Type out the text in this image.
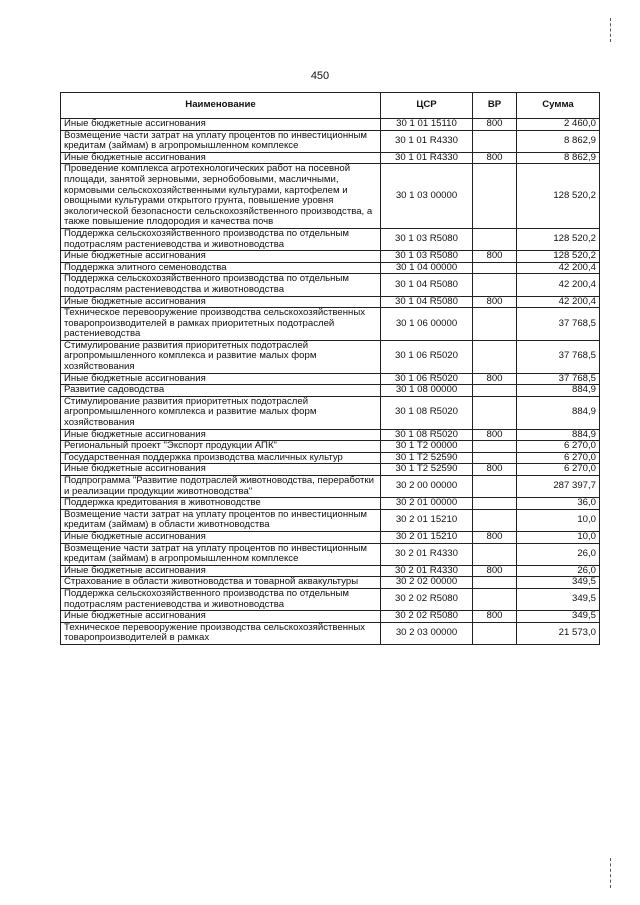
450
Наименование	ЦСР	ВР	Сумма
Иные бюджетные ассигнования	30 1 01 15110	800	2 460,0
Возмещение части затрат на уплату процентов по инвестиционным кредитам (займам) в агропромышленном комплексе	30 1 01 R4330		8 862,9
Иные бюджетные ассигнования	30 1 01 R4330	800	8 862,9
Проведение комплекса агротехнологических работ на посевной площади, занятой зерновыми, зернобобовыми, масличными, кормовыми сельскохозяйственными культурами, картофелем и овощными культурами открытого грунта, повышение уровня экологической безопасности сельскохозяйственного производства, а также повышение плодородия и качества почв	30 1 03 00000		128 520,2
Поддержка сельскохозяйственного производства по отдельным подотраслям растениеводства и животноводства	30 1 03 R5080		128 520,2
Иные бюджетные ассигнования	30 1 03 R5080	800	128 520,2
Поддержка элитного семеноводства	30 1 04 00000		42 200,4
Поддержка сельскохозяйственного производства по отдельным подотраслям растениеводства и животноводства	30 1 04 R5080		42 200,4
Иные бюджетные ассигнования	30 1 04 R5080	800	42 200,4
Техническое перевооружение производства сельскохозяйственных товаропроизводителей в рамках приоритетных подотраслей растениеводства	30 1 06 00000		37 768,5
Стимулирование развития приоритетных подотраслей агропромышленного комплекса и развитие малых форм хозяйствования	30 1 06 R5020		37 768,5
Иные бюджетные ассигнования	30 1 06 R5020	800	37 768,5
Развитие садоводства	30 1 08 00000		884,9
Стимулирование развития приоритетных подотраслей агропромышленного комплекса и развитие малых форм хозяйствования	30 1 08 R5020		884,9
Иные бюджетные ассигнования	30 1 08 R5020	800	884,9
Региональный проект "Экспорт продукции АПК"	30 1 Т2 00000		6 270,0
Государственная поддержка производства масличных культур	30 1 Т2 52590		6 270,0
Иные бюджетные ассигнования	30 1 Т2 52590	800	6 270,0
Подпрограмма "Развитие подотраслей животноводства, переработки и реализации продукции животноводства"	30 2 00 00000		287 397,7
Поддержка кредитования в животноводстве	30 2 01 00000		36,0
Возмещение части затрат на уплату процентов по инвестиционным кредитам (займам) в области животноводства	30 2 01 15210		10,0
Иные бюджетные ассигнования	30 2 01 15210	800	10,0
Возмещение части затрат на уплату процентов по инвестиционным кредитам (займам) в агропромышленном комплексе	30 2 01 R4330		26,0
Иные бюджетные ассигнования	30 2 01 R4330	800	26,0
Страхование в области животноводства и товарной аквакультуры	30 2 02 00000		349,5
Поддержка сельскохозяйственного производства по отдельным подотраслям растениеводства и животноводства	30 2 02 R5080		349,5
Иные бюджетные ассигнования	30 2 02 R5080	800	349,5
Техническое перевооружение производства сельскохозяйственных товаропроизводителей в рамках	30 2 03 00000		21 573,0
